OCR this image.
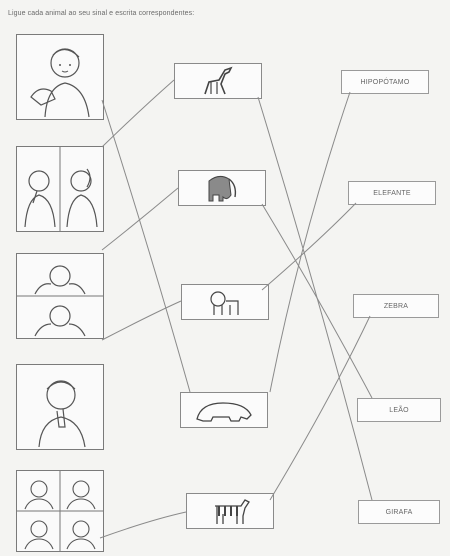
Ligue cada animal ao seu sinal e escrita correspondentes:
HIPOPÓTAMO
ELEFANTE
ZEBRA
LEÃO
GIRAFA
